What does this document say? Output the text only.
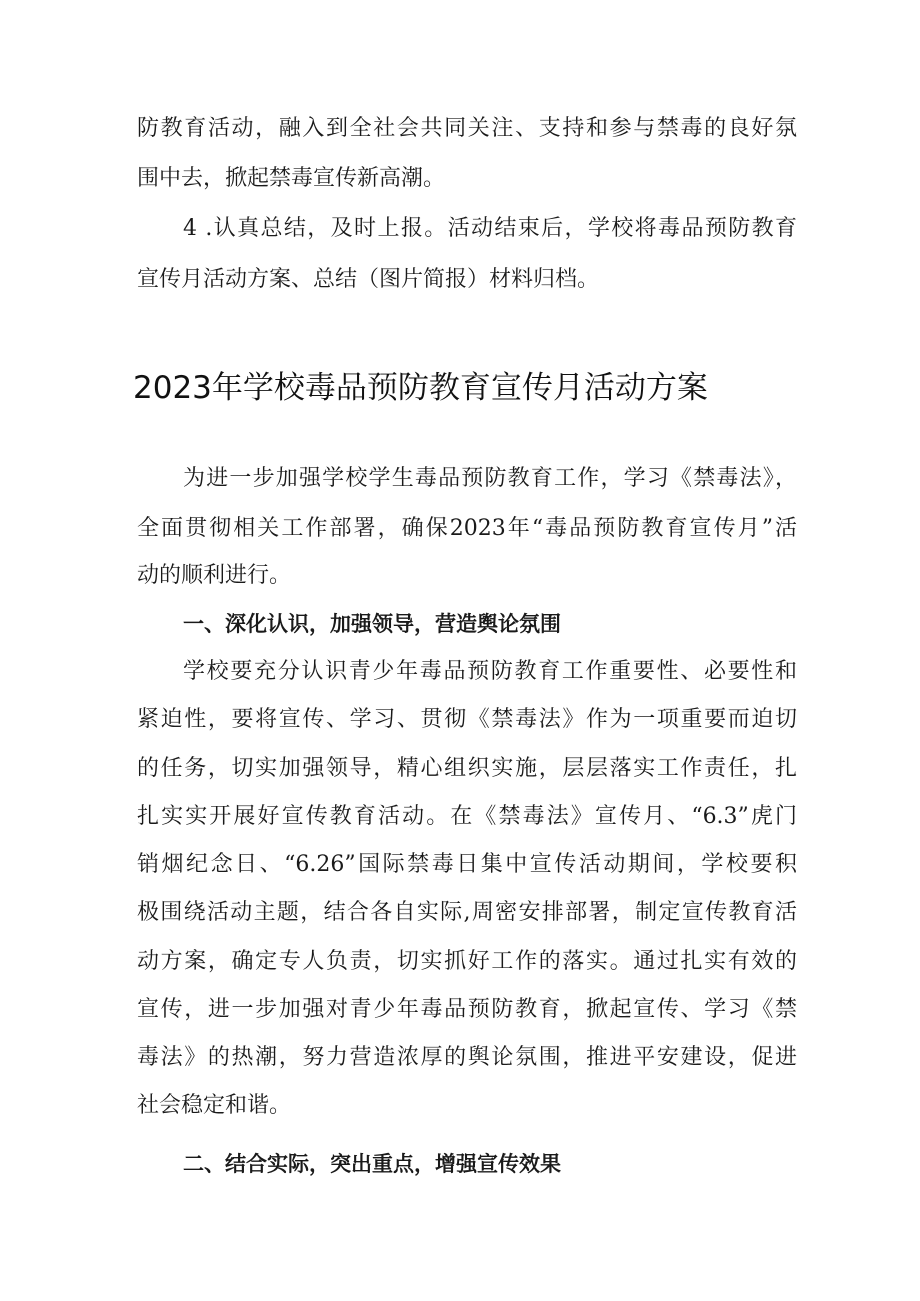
防教育活动，融入到全社会共同关注、支持和参与禁毒的良好氛
围中去，掀起禁毒宣传新高潮。
4 .认真总结，及时上报。活动结束后，学校将毒品预防教育
宣传月活动方案、总结（图片简报）材料归档。
2023年学校毒品预防教育宣传月活动方案
为进一步加强学校学生毒品预防教育工作，学习《禁毒法》，
全面贯彻相关工作部署，确保2023年“毒品预防教育宣传月”活
动的顺利进行。
一、深化认识，加强领导，营造舆论氛围
学校要充分认识青少年毒品预防教育工作重要性、必要性和
紧迫性，要将宣传、学习、贯彻《禁毒法》作为一项重要而迫切
的任务，切实加强领导，精心组织实施，层层落实工作责任，扎
扎实实开展好宣传教育活动。在《禁毒法》宣传月、“6.3”虎门
销烟纪念日、“6.26”国际禁毒日集中宣传活动期间，学校要积
极围绕活动主题，结合各自实际,周密安排部署，制定宣传教育活
动方案，确定专人负责，切实抓好工作的落实。通过扎实有效的
宣传，进一步加强对青少年毒品预防教育，掀起宣传、学习《禁
毒法》的热潮，努力营造浓厚的舆论氛围，推进平安建设，促进
社会稳定和谐。
二、结合实际，突出重点，增强宣传效果
